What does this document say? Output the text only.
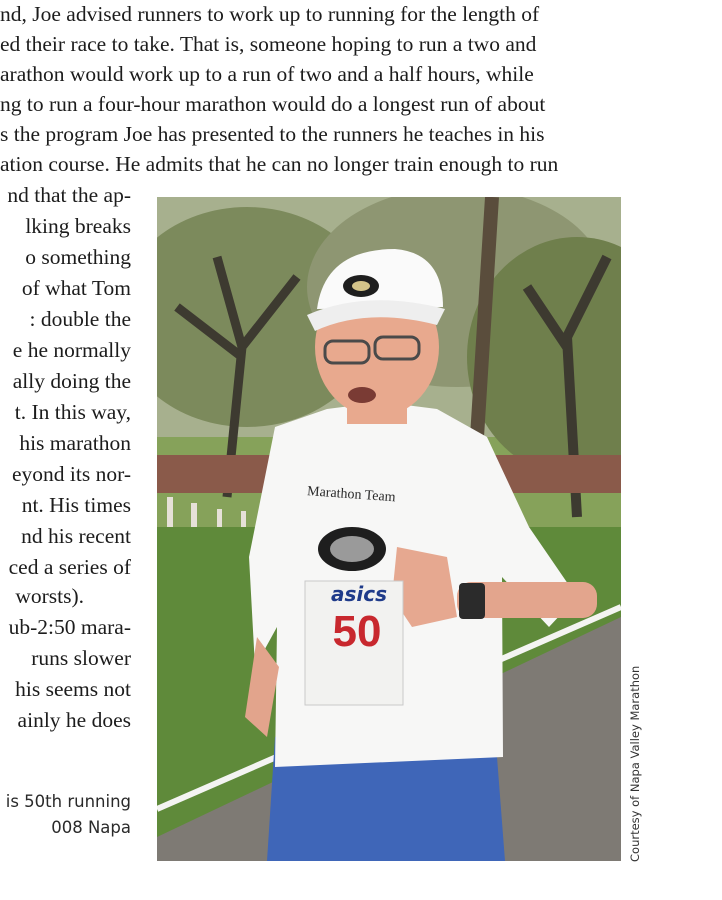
nd, Joe advised runners to work up to running for the length of
ed their race to take. That is, someone hoping to run a two and
arathon would work up to a run of two and a half hours, while
ng to run a four-hour marathon would do a longest run of about
s the program Joe has presented to the runners he teaches in his
ation course. He admits that he can no longer train enough to run
nd that the ap-
lking breaks
o something
of what Tom
: double the
e he normally
ally doing the
t. In this way,
his marathon
eyond its nor-
nt. His times
nd his recent
ced a series of
worsts).
ub-2:50 mara-
runs slower
his seems not
ainly he does
is 50th running
008 Napa
Marathon Team
asics
50
Courtesy of Napa Valley Marathon
